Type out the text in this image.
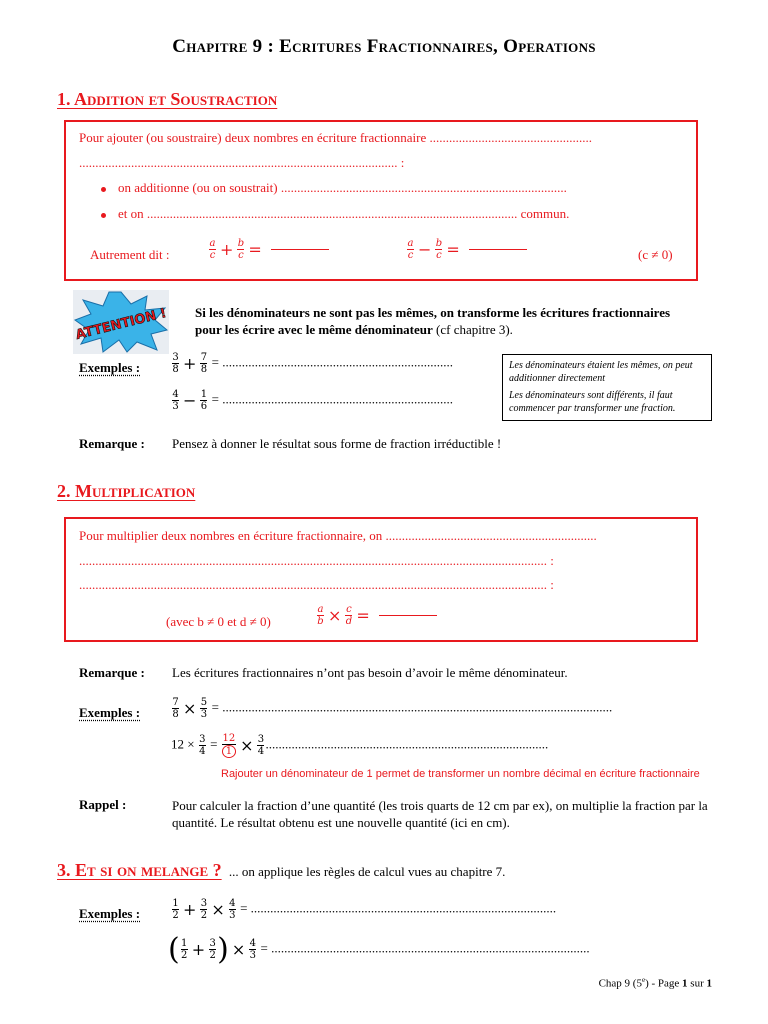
Chapitre 9 : Ecritures Fractionnaires, Operations
1. Addition et Soustraction
Pour ajouter (ou soustraire) deux nombres en écriture fractionnaire ..................................................
.................................................................................................. :
on additionne (ou on soustrait) ........................................................................................
et on .................................................................................................................. commun.
Autrement dit :	$\frac{a}{c} + \frac{b}{c}$ =	$\frac{a}{c} - \frac{b}{c}$ =	(c ≠ 0)
ATTENTION ! Si les dénominateurs ne sont pas les mêmes, on transforme les écritures fractionnaires pour les écrire avec le même dénominateur (cf chapitre 3).
Exemples :	$\frac{3}{8} + \frac{7}{8}$ = .......................................................................
$\frac{4}{3} - \frac{1}{6}$ = .......................................................................
Les dénominateurs étaient les mêmes, on peut additionner directement
Les dénominateurs sont différents, il faut commencer par transformer une fraction.
Remarque : Pensez à donner le résultat sous forme de fraction irréductible !
2. Multiplication
Pour multiplier deux nombres en écriture fractionnaire, on .................................................................
................................................................................................................................................ :
................................................................................................................................................ :
(avec b ≠ 0 et d ≠ 0)	$\frac{a}{b} \times \frac{c}{d}$ =
Remarque : Les écritures fractionnaires n’ont pas besoin d’avoir le même dénominateur.
Exemples :	$\frac{7}{8} \times \frac{5}{3}$ = ........................................................................................................................
$12 \times \frac{3}{4} = \frac{12}{1} \times \frac{3}{4}$ .......................................................................................
Rajouter un dénominateur de 1 permet de transformer un nombre décimal en écriture fractionnaire
Rappel :	Pour calculer la fraction d’une quantité (les trois quarts de 12 cm par ex), on multiplie la fraction par la quantité. Le résultat obtenu est une nouvelle quantité (ici en cm).
3. Et si on melange ? ... on applique les règles de calcul vues au chapitre 7.
Exemples :	$\frac{1}{2} + \frac{3}{2} \times \frac{4}{3}$ = ..............................................................................................
( $\frac{1}{2} + \frac{3}{2}$ ) × $\frac{4}{3}$ = ..................................................................................................
Chap 9 (5e) - Page 1 sur 1
